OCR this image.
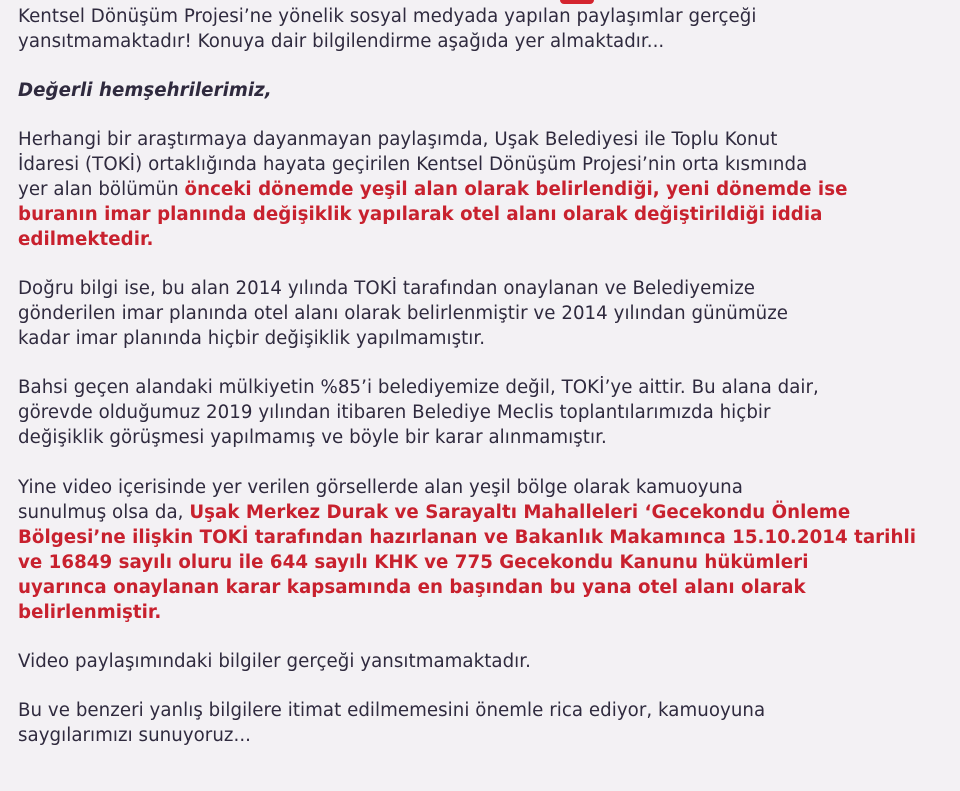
Kentsel Dönüşüm Projesi’ne yönelik sosyal medyada yapılan paylaşımlar gerçeği
yansıtmamaktadır! Konuya dair bilgilendirme aşağıda yer almaktadır...

Değerli hemşehrilerimiz,

Herhangi bir araştırmaya dayanmayan paylaşımda, Uşak Belediyesi ile Toplu Konut
İdaresi (TOKİ) ortaklığında hayata geçirilen Kentsel Dönüşüm Projesi’nin orta kısmında
yer alan bölümün önceki dönemde yeşil alan olarak belirlendiği, yeni dönemde ise
buranın imar planında değişiklik yapılarak otel alanı olarak değiştirildiği iddia
edilmektedir.

Doğru bilgi ise, bu alan 2014 yılında TOKİ tarafından onaylanan ve Belediyemize
gönderilen imar planında otel alanı olarak belirlenmiştir ve 2014 yılından günümüze
kadar imar planında hiçbir değişiklik yapılmamıştır.

Bahsi geçen alandaki mülkiyetin %85’i belediyemize değil, TOKİ’ye aittir. Bu alana dair,
görevde olduğumuz 2019 yılından itibaren Belediye Meclis toplantılarımızda hiçbir
değişiklik görüşmesi yapılmamış ve böyle bir karar alınmamıştır.

Yine video içerisinde yer verilen görsellerde alan yeşil bölge olarak kamuoyuna
sunulmuş olsa da, Uşak Merkez Durak ve Sarayaltı Mahalleleri ‘Gecekondu Önleme
Bölgesi’ne ilişkin TOKİ tarafından hazırlanan ve Bakanlık Makamınca 15.10.2014 tarihli
ve 16849 sayılı oluru ile 644 sayılı KHK ve 775 Gecekondu Kanunu hükümleri
uyarınca onaylanan karar kapsamında en başından bu yana otel alanı olarak
belirlenmiştir.

Video paylaşımındaki bilgiler gerçeği yansıtmamaktadır.

Bu ve benzeri yanlış bilgilere itimat edilmemesini önemle rica ediyor, kamuoyuna
saygılarımızı sunuyoruz...
